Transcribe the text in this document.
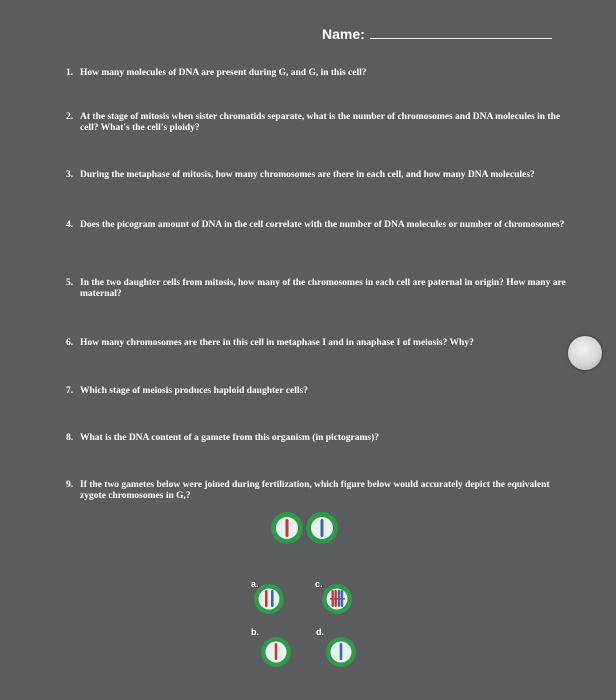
Name:
1. How many molecules of DNA are present during G, and G, in this cell?
2. At the stage of mitosis when sister chromatids separate, what is the number of chromosomes and DNA molecules in the cell? What's the cell's ploidy?
3. During the metaphase of mitosis, how many chromosomes are there in each cell, and how many DNA molecules?
4. Does the picogram amount of DNA in the cell correlate with the number of DNA molecules or number of chromosomes?
5. In the two daughter cells from mitosis, how many of the chromosomes in each cell are paternal in origin? How many are maternal?
6. How many chromosomes are there in this cell in metaphase I and in anaphase I of meiosis? Why?
7. Which stage of meiosis produces haploid daughter cells?
8. What is the DNA content of a gamete from this organism (in pictograms)?
9. If the two gametes below were joined during fertilization, which figure below would accurately depict the equivalent zygote chromosomes in G,?
a.	c.
b.	d.
